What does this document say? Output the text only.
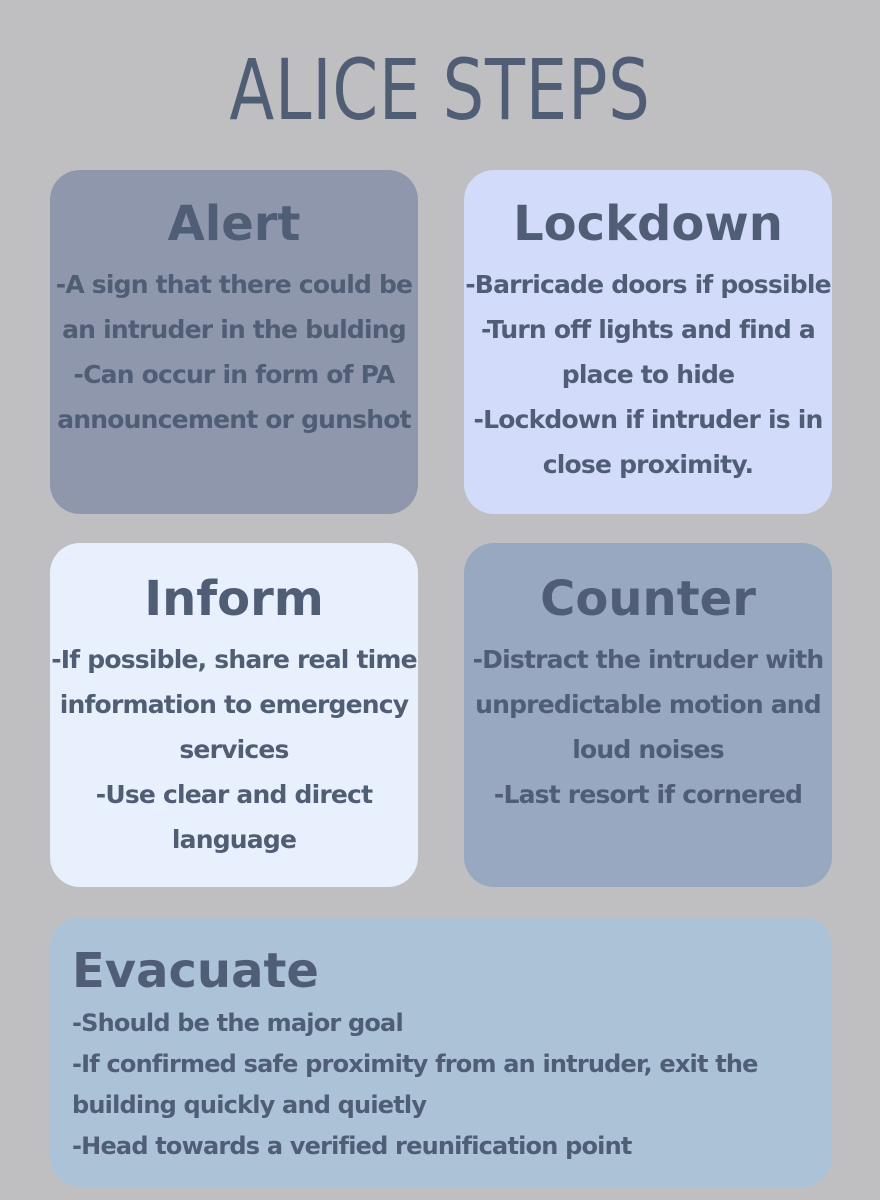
ALICE STEPS
Alert
-A sign that there could be
an intruder in the bulding
-Can occur in form of PA
announcement or gunshot
Lockdown
-Barricade doors if possible
-Turn off lights and find a
place to hide
-Lockdown if intruder is in
close proximity.
Inform
-If possible, share real time
information to emergency
services
-Use clear and direct
language
Counter
-Distract the intruder with
unpredictable motion and
loud noises
-Last resort if cornered
Evacuate
-Should be the major goal
-If confirmed safe proximity from an intruder, exit the
building quickly and quietly
-Head towards a verified reunification point
